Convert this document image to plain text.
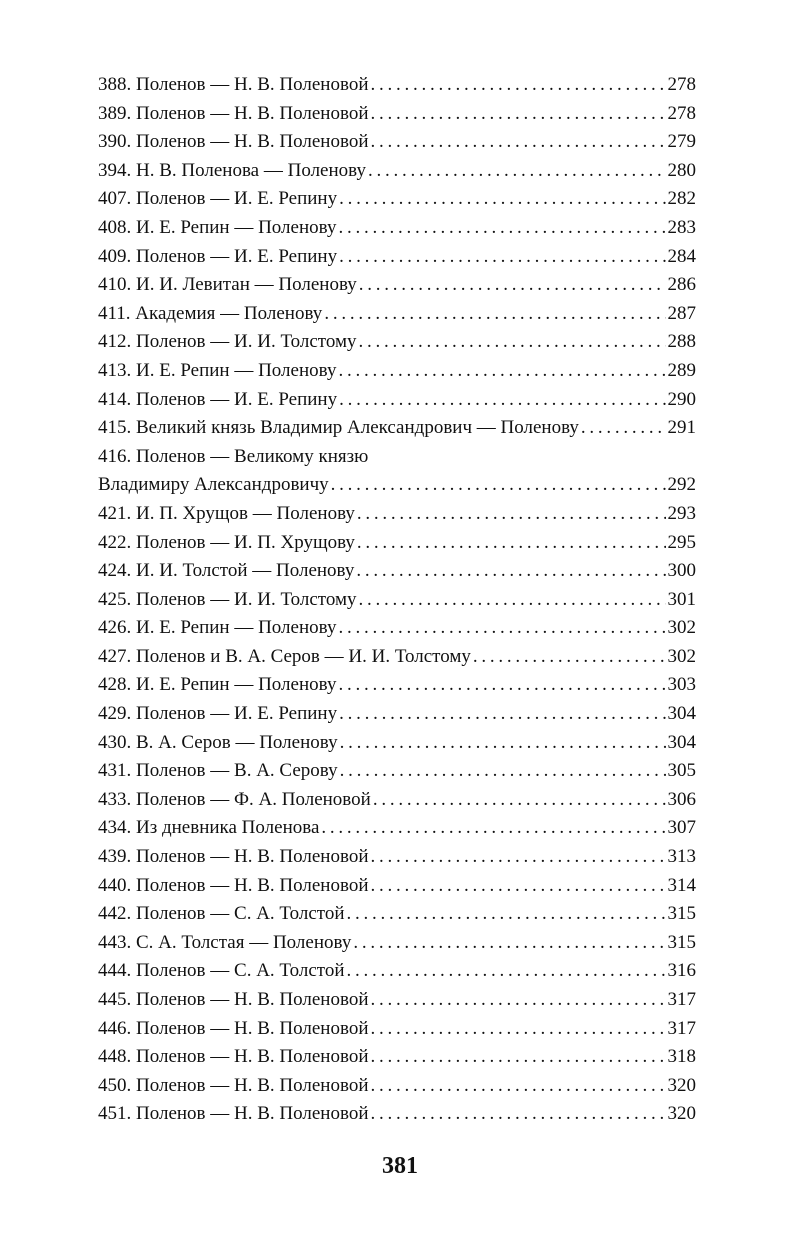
388. Поленов — Н. В. Поленовой . . .	278
389. Поленов — Н. В. Поленовой . . .	278
390. Поленов — Н. В. Поленовой . . .	279
394. Н. В. Поленова — Поленову . . .	280
407. Поленов — И. Е. Репину . . .	282
408. И. Е. Репин — Поленову . . .	283
409. Поленов — И. Е. Репину . . .	284
410. И. И. Левитан — Поленову . . .	286
411. Академия — Поленову . . .	287
412. Поленов — И. И. Толстому . . .	288
413. И. Е. Репин — Поленову . . .	289
414. Поленов — И. Е. Репину . . .	290
415. Великий князь Владимир Александрович — Поленову . . .	291
416. Поленов — Великому князю
Владимиру Александровичу . . .	292
421. И. П. Хрущов — Поленову . . .	293
422. Поленов — И. П. Хрущову . . .	295
424. И. И. Толстой — Поленову . . .	300
425. Поленов — И. И. Толстому . . .	301
426. И. Е. Репин — Поленову . . .	302
427. Поленов и В. А. Серов — И. И. Толстому . . .	302
428. И. Е. Репин — Поленову . . .	303
429. Поленов — И. Е. Репину . . .	304
430. В. А. Серов — Поленову . . .	304
431. Поленов — В. А. Серову . . .	305
433. Поленов — Ф. А. Поленовой . . .	306
434. Из дневника Поленова . . .	307
439. Поленов — Н. В. Поленовой . . .	313
440. Поленов — Н. В. Поленовой . . .	314
442. Поленов — С. А. Толстой . . .	315
443. С. А. Толстая — Поленову . . .	315
444. Поленов — С. А. Толстой . . .	316
445. Поленов — Н. В. Поленовой . . .	317
446. Поленов — Н. В. Поленовой . . .	317
448. Поленов — Н. В. Поленовой . . .	318
450. Поленов — Н. В. Поленовой . . .	320
451. Поленов — Н. В. Поленовой . . .	320
381
